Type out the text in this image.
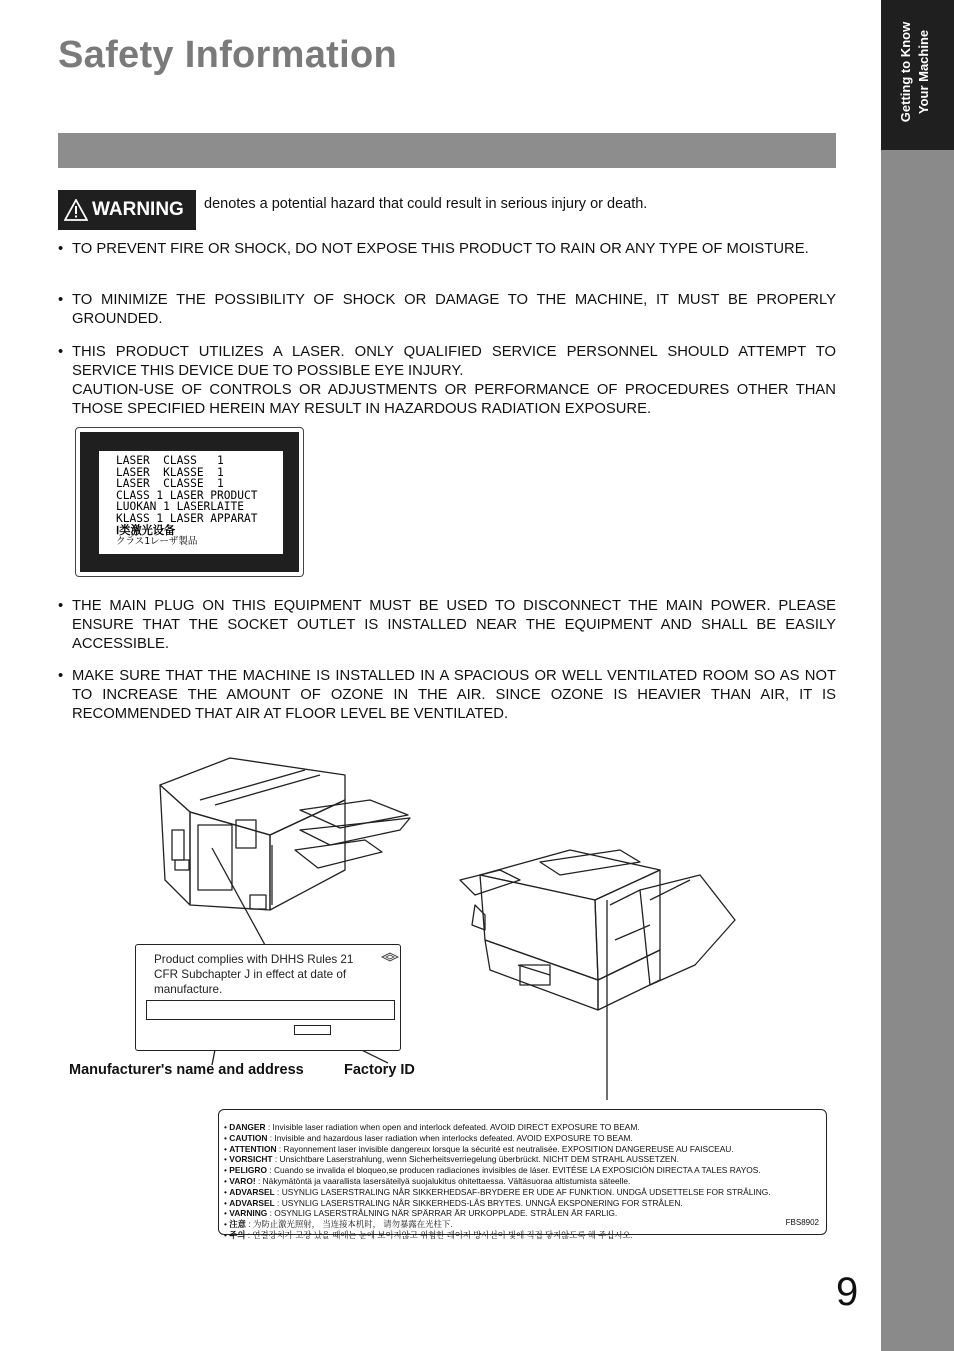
Getting to Know Your Machine
Safety Information
WARNING denotes a potential hazard that could result in serious injury or death.
• TO PREVENT FIRE OR SHOCK, DO NOT EXPOSE THIS PRODUCT TO RAIN OR ANY TYPE OF MOISTURE.

• TO MINIMIZE THE POSSIBILITY OF SHOCK OR DAMAGE TO THE MACHINE, IT MUST BE PROPERLY GROUNDED.

• THIS PRODUCT UTILIZES A LASER. ONLY QUALIFIED SERVICE PERSONNEL SHOULD ATTEMPT TO SERVICE THIS DEVICE DUE TO POSSIBLE EYE INJURY.

CAUTION-USE OF CONTROLS OR ADJUSTMENTS OR PERFORMANCE OF PROCEDURES OTHER THAN THOSE SPECIFIED HEREIN MAY RESULT IN HAZARDOUS RADIATION EXPOSURE.

• THE MAIN PLUG ON THIS EQUIPMENT MUST BE USED TO DISCONNECT THE MAIN POWER. PLEASE ENSURE THAT THE SOCKET OUTLET IS INSTALLED NEAR THE EQUIPMENT AND SHALL BE EASILY ACCESSIBLE.

• MAKE SURE THAT THE MACHINE IS INSTALLED IN A SPACIOUS OR WELL VENTILATED ROOM SO AS NOT TO INCREASE THE AMOUNT OF OZONE IN THE AIR. SINCE OZONE IS HEAVIER THAN AIR, IT IS RECOMMENDED THAT AIR AT FLOOR LEVEL BE VENTILATED.

LASER  CLASS   1
LASER  KLASSE  1
LASER  CLASSE  1
CLASS 1 LASER PRODUCT
LUOKAN 1 LASERLAITE
KLASS 1 LASER APPARAT
Ⅰ类激光设备
クラス1レーザ製品
Product complies with DHHS Rules 21 CFR Subchapter J in effect at date of manufacture.
Manufacturer's name and address	Factory ID
• DANGER : Invisible laser radiation when open and interlock defeated. AVOID DIRECT EXPOSURE TO BEAM.
• CAUTION : Invisible and hazardous laser radiation when interlocks defeated. AVOID EXPOSURE TO BEAM.
• ATTENTION : Rayonnement laser invisible dangereux lorsque la sécurité est neutralisée. EXPOSITION DANGEREUSE AU FAISCEAU.
• VORSICHT : Unsichtbare Laserstrahlung, wenn Sicherheitsverriegelung überbrückt. NICHT DEM STRAHL AUSSETZEN.
• PELIGRO : Cuando se invalida el bloqueo,se producen radiaciones invisibles de láser. EVITÉSE LA EXPOSICIÓN DIRECTA A TALES RAYOS.
• VARO! : Näkymätöntä ja vaarallista lasersäteilyä suojalukitus ohitettaessa. Vältäsuoraa altistumista säteelle.
• ADVARSEL : USYNLIG LASERSTRALING NÅR SIKKERHEDSAF-BRYDERE ER UDE AF FUNKTION. UNDGÅ UDSETTELSE FOR STRÅLING.
• ADVARSEL : USYNLIG LASERSTRALING NÅR SIKKERHEDS-LÅS BRYTES. UNNGÅ EKSPONERING FOR STRÅLEN.
• VARNING : OSYNLIG LASERSTRÅLNING NÄR SPÄRRAR ÄR URKOPPLADE. STRÅLEN ÄR FARLIG.
• 注意 : 为防止激光照射， 当连接本机时， 请勿暴露在光柱下.
• 주의 : 연결장치가 고장 났을 때에는 눈에 보이지않고 위험한 레이저 방사선이 빛에 직접 닿지않도록 해 주십시오.
FBS8902
9
